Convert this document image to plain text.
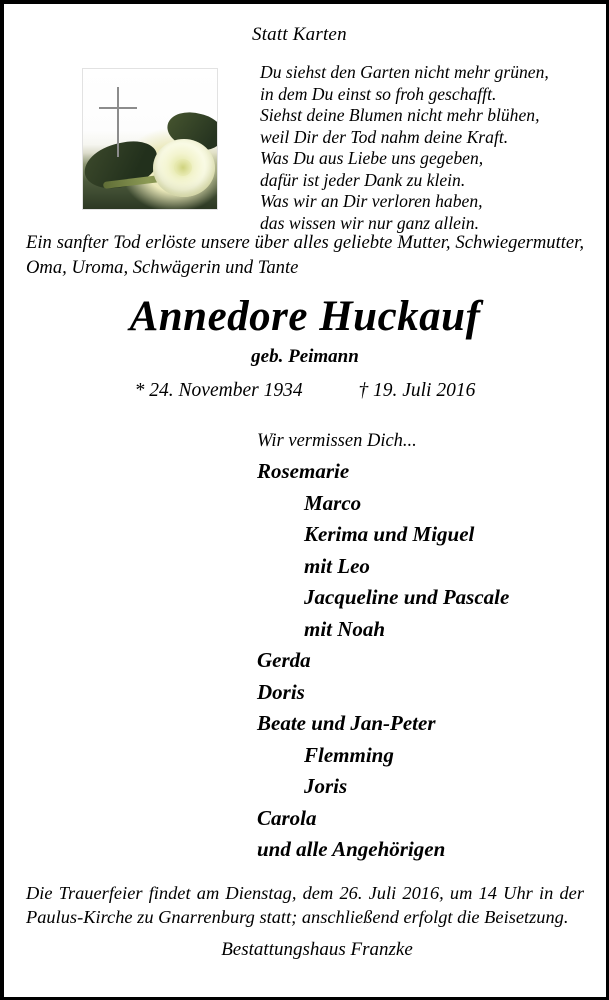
Statt Karten
Du siehst den Garten nicht mehr grünen,
in dem Du einst so froh geschafft.
Siehst deine Blumen nicht mehr blühen,
weil Dir der Tod nahm deine Kraft.
Was Du aus Liebe uns gegeben,
dafür ist jeder Dank zu klein.
Was wir an Dir verloren haben,
das wissen wir nur ganz allein.
Ein sanfter Tod erlöste unsere über alles geliebte Mutter, Schwiegermutter, Oma, Uroma, Schwägerin und Tante
Annedore Huckauf
geb. Peimann
* 24. November 1934	† 19. Juli 2016
Wir vermissen Dich...
Rosemarie
Marco
Kerima und Miguel
mit Leo
Jacqueline und Pascale
mit Noah
Gerda
Doris
Beate und Jan-Peter
Flemming
Joris
Carola
und alle Angehörigen
Die Trauerfeier findet am Dienstag, dem 26. Juli 2016, um 14 Uhr in der Paulus-Kirche zu Gnarrenburg statt; anschließend erfolgt die Beisetzung.
Bestattungshaus Franzke
